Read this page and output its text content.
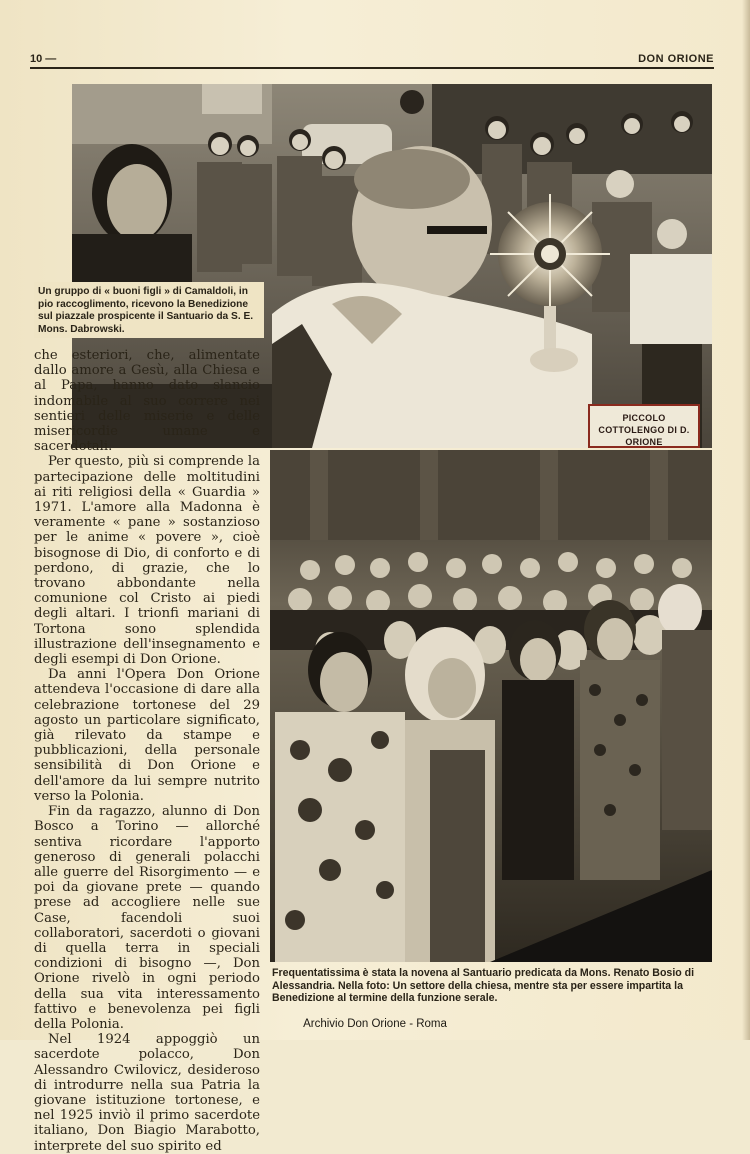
10 —	DON ORIONE
Un gruppo di « buoni figli » di Camaldoli, in pio raccoglimento, ricevono la Benedizione sul piazzale prospicente il Santuario da S. E. Mons. Dabrowski.
PICCOLO COTTOLENGO DI D. ORIONE

che esteriori, che, alimentate dallo amore a Gesù, alla Chiesa e al Papa, hanno dato slancio indomabile al suo correre nei sentieri delle miserie e delle misericordie umane e sacerdotali.

Per questo, più si comprende la partecipazione delle moltitudini ai riti religiosi della « Guardia » 1971. L'amore alla Madonna è veramente « pane » sostanzioso per le anime « povere », cioè bisognose di Dio, di conforto e di perdono, di grazie, che lo trovano abbondante nella comunione col Cristo ai piedi degli altari. I trionfi mariani di Tortona sono splendida illustrazione dell'insegnamento e degli esempi di Don Orione.

Da anni l'Opera Don Orione attendeva l'occasione di dare alla celebrazione tortonese del 29 agosto un particolare significato, già rilevato da stampe e pubblicazioni, della personale sensibilità di Don Orione e dell'amore da lui sempre nutrito verso la Polonia.

Fin da ragazzo, alunno di Don Bosco a Torino — allorché sentiva ricordare l'apporto generoso di generali polacchi alle guerre del Risorgimento — e poi da giovane prete — quando prese ad accogliere nelle sue Case, facendoli suoi collaboratori, sacerdoti o giovani di quella terra in speciali condizioni di bisogno —, Don Orione rivelò in ogni periodo della sua vita interessamento fattivo e benevolenza pei figli della Polonia.

Nel 1924 appoggiò un sacerdote polacco, Don Alessandro Cwilovicz, desideroso di introdurre nella sua Patria la giovane istituzione tortonese, e nel 1925 inviò il primo sacerdote italiano, Don Biagio Marabotto, interprete del suo spirito ed

Frequentatissima è stata la novena al Santuario predicata da Mons. Renato Bosio di Alessandria. Nella foto: Un settore della chiesa, mentre sta per essere impartita la Benedizione al termine della funzione serale.
Archivio Don Orione - Roma
